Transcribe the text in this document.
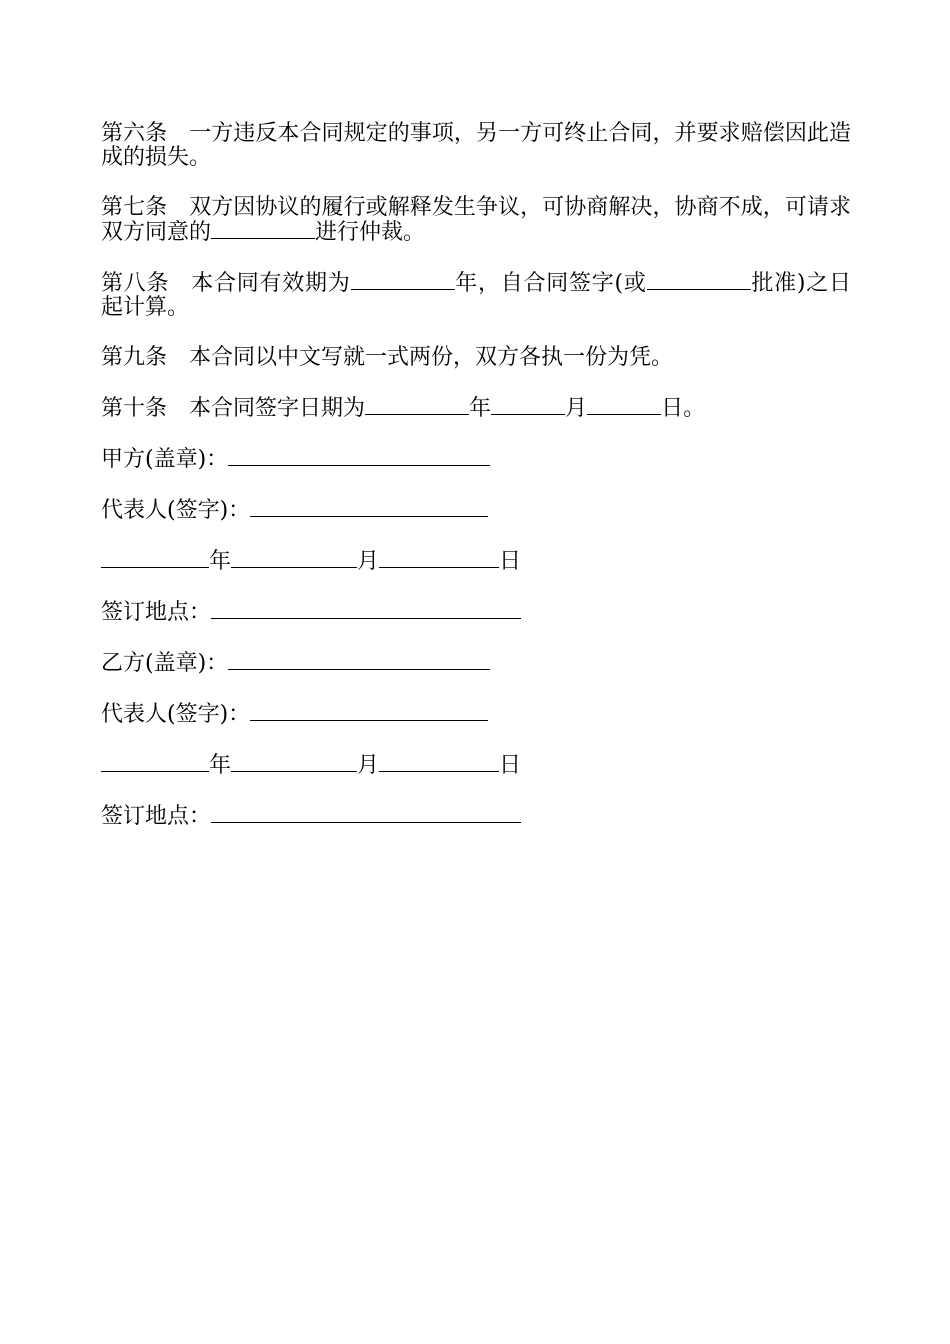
第六条 一方违反本合同规定的事项，另一方可终止合同，并要求赔偿因此造成的损失。

第七条 双方因协议的履行或解释发生争议，可协商解决，协商不成，可请求双方同意的	进行仲裁。

第八条 本合同有效期为	年，自合同签字(或	批准)之日起计算。

第九条 本合同以中文写就一式两份，双方各执一份为凭。

第十条 本合同签字日期为	年	月	日。

甲方(盖章)：
代表人(签字)：
年	月	日
签订地点：
乙方(盖章)：
代表人(签字)：
年	月	日
签订地点：
